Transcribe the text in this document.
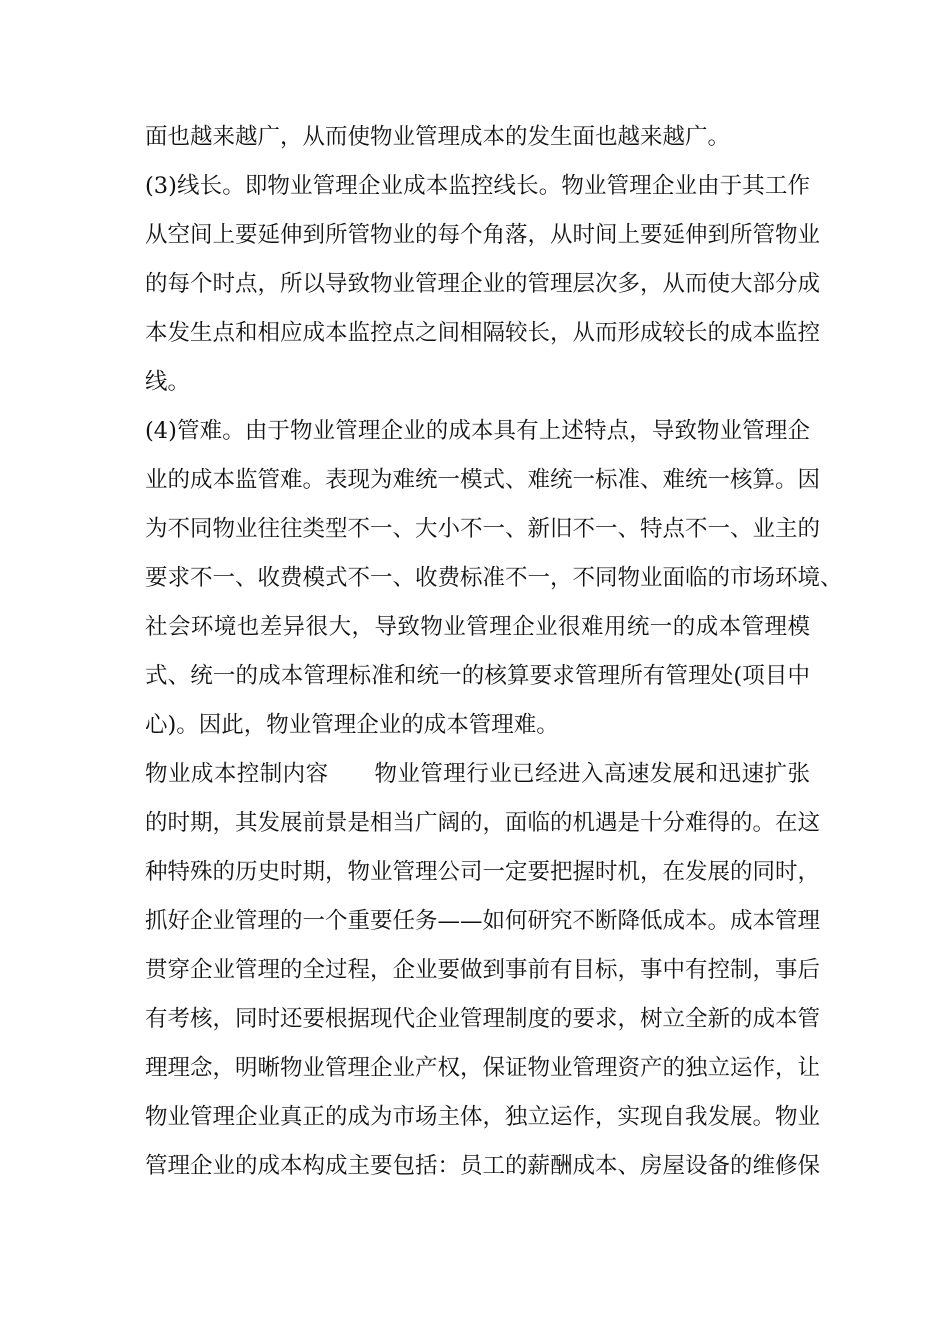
面也越来越广，从而使物业管理成本的发生面也越来越广。
(3)线长。即物业管理企业成本监控线长。物业管理企业由于其工作
从空间上要延伸到所管物业的每个角落，从时间上要延伸到所管物业
的每个时点，所以导致物业管理企业的管理层次多，从而使大部分成
本发生点和相应成本监控点之间相隔较长，从而形成较长的成本监控
线。
(4)管难。由于物业管理企业的成本具有上述特点，导致物业管理企
业的成本监管难。表现为难统一模式、难统一标准、难统一核算。因
为不同物业往往类型不一、大小不一、新旧不一、特点不一、业主的
要求不一、收费模式不一、收费标准不一，不同物业面临的市场环境、
社会环境也差异很大，导致物业管理企业很难用统一的成本管理模
式、统一的成本管理标准和统一的核算要求管理所有管理处(项目中
心)。因此，物业管理企业的成本管理难。
物业成本控制内容　　物业管理行业已经进入高速发展和迅速扩张
的时期，其发展前景是相当广阔的，面临的机遇是十分难得的。在这
种特殊的历史时期，物业管理公司一定要把握时机，在发展的同时，
抓好企业管理的一个重要任务——如何研究不断降低成本。成本管理
贯穿企业管理的全过程，企业要做到事前有目标，事中有控制，事后
有考核，同时还要根据现代企业管理制度的要求，树立全新的成本管
理理念，明晰物业管理企业产权，保证物业管理资产的独立运作，让
物业管理企业真正的成为市场主体，独立运作，实现自我发展。物业
管理企业的成本构成主要包括：员工的薪酬成本、房屋设备的维修保
